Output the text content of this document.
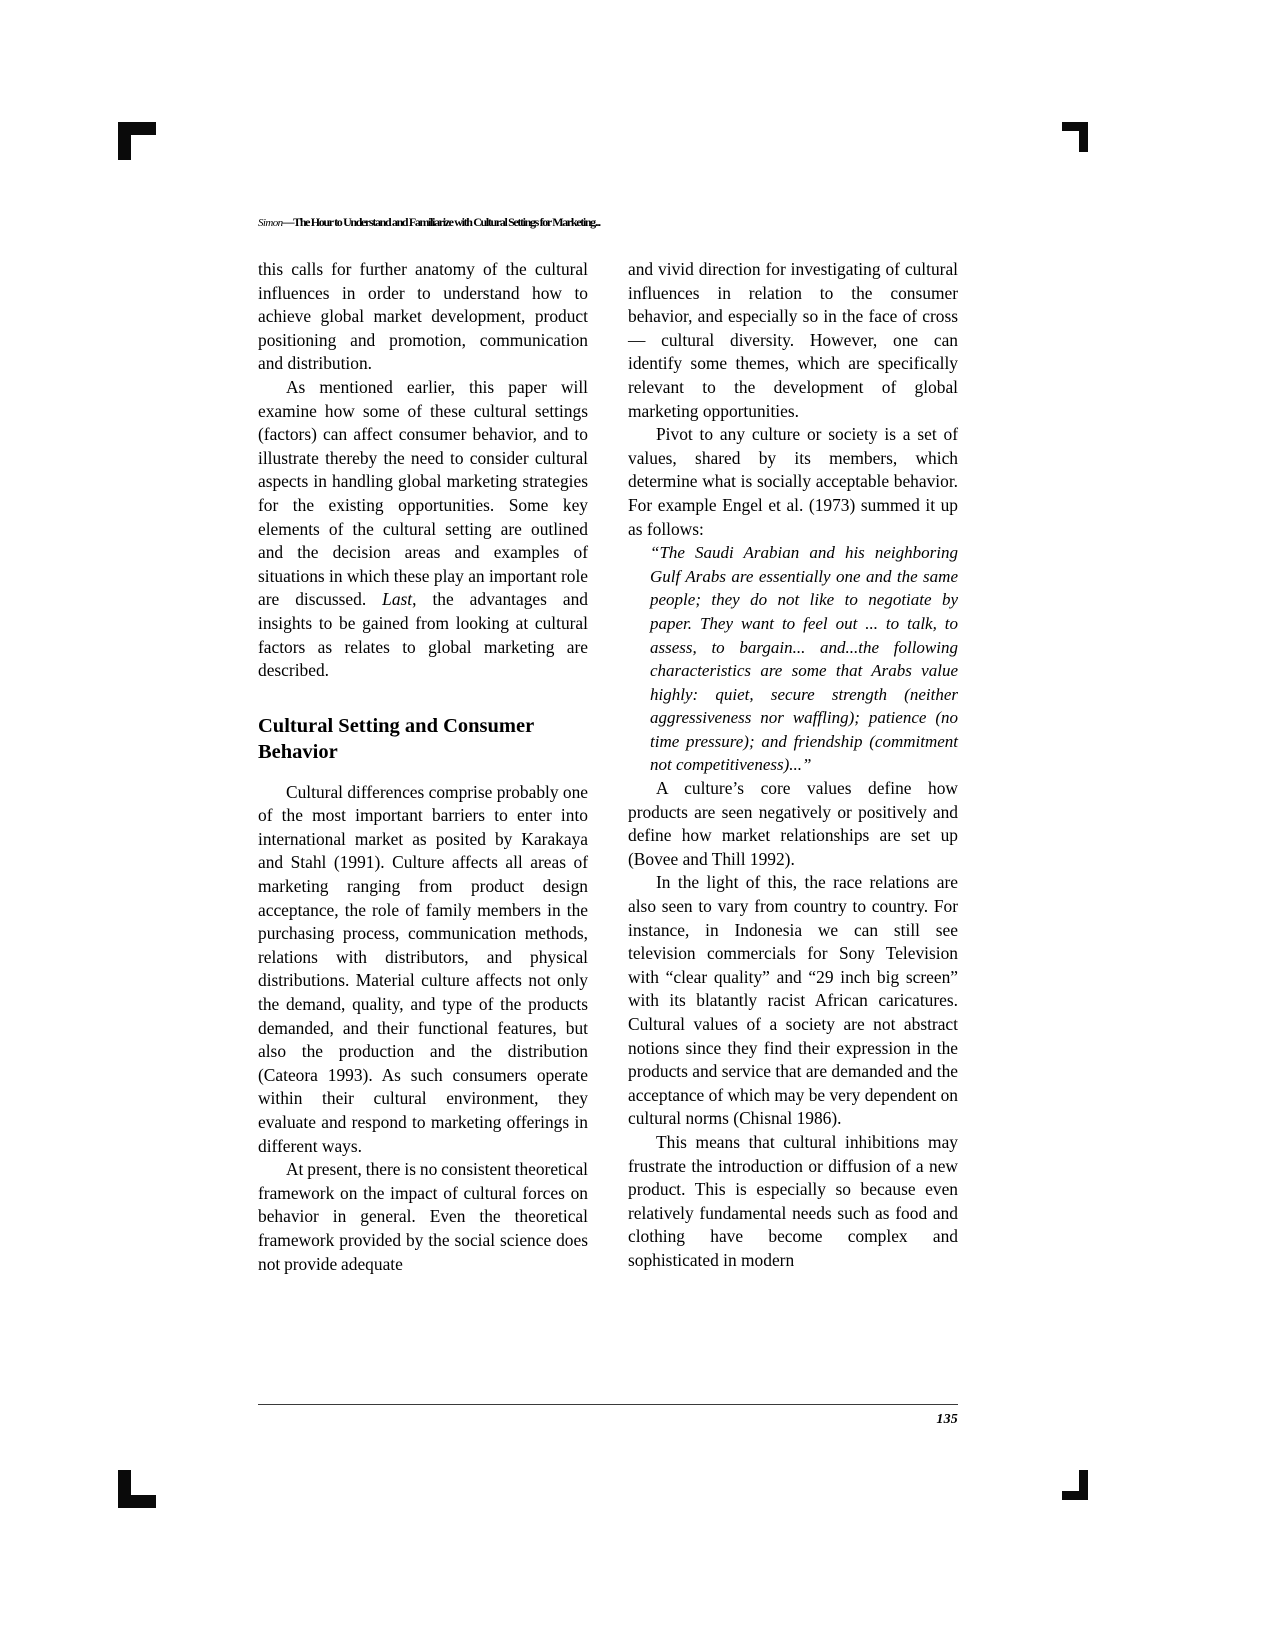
Simon—The Hour to Understand and Familiarize with Cultural Settings for Marketing...

this calls for further anatomy of the cultural influences in order to understand how to achieve global market development, product positioning and promotion, communication and distribution.

As mentioned earlier, this paper will examine how some of these cultural settings (factors) can affect consumer behavior, and to illustrate thereby the need to consider cultural aspects in handling global marketing strategies for the existing opportunities. Some key elements of the cultural setting are outlined and the decision areas and examples of situations in which these play an important role are discussed. Last, the advantages and insights to be gained from looking at cultural factors as relates to global marketing are described.

Cultural Setting and Consumer Behavior

Cultural differences comprise probably one of the most important barriers to enter into international market as posited by Karakaya and Stahl (1991). Culture affects all areas of marketing ranging from product design acceptance, the role of family members in the purchasing process, communication methods, relations with distributors, and physical distributions. Material culture affects not only the demand, quality, and type of the products demanded, and their functional features, but also the production and the distribution (Cateora 1993). As such consumers operate within their cultural environment, they evaluate and respond to marketing offerings in different ways.

At present, there is no consistent theoretical framework on the impact of cultural forces on behavior in general. Even the theoretical framework provided by the social science does not provide adequate

and vivid direction for investigating of cultural influences in relation to the consumer behavior, and especially so in the face of cross — cultural diversity. However, one can identify some themes, which are specifically relevant to the development of global marketing opportunities.

Pivot to any culture or society is a set of values, shared by its members, which determine what is socially acceptable behavior. For example Engel et al. (1973) summed it up as follows:

“The Saudi Arabian and his neighboring Gulf Arabs are essentially one and the same people; they do not like to negotiate by paper. They want to feel out ... to talk, to assess, to bargain... and...the following characteristics are some that Arabs value highly: quiet, secure strength (neither aggressiveness nor waffling); patience (no time pressure); and friendship (commitment not competitiveness)...”

A culture’s core values define how products are seen negatively or positively and define how market relationships are set up (Bovee and Thill 1992).

In the light of this, the race relations are also seen to vary from country to country. For instance, in Indonesia we can still see television commercials for Sony Television with “clear quality” and “29 inch big screen” with its blatantly racist African caricatures. Cultural values of a society are not abstract notions since they find their expression in the products and service that are demanded and the acceptance of which may be very dependent on cultural norms (Chisnal 1986).

This means that cultural inhibitions may frustrate the introduction or diffusion of a new product. This is especially so because even relatively fundamental needs such as food and clothing have become complex and sophisticated in modern

135
